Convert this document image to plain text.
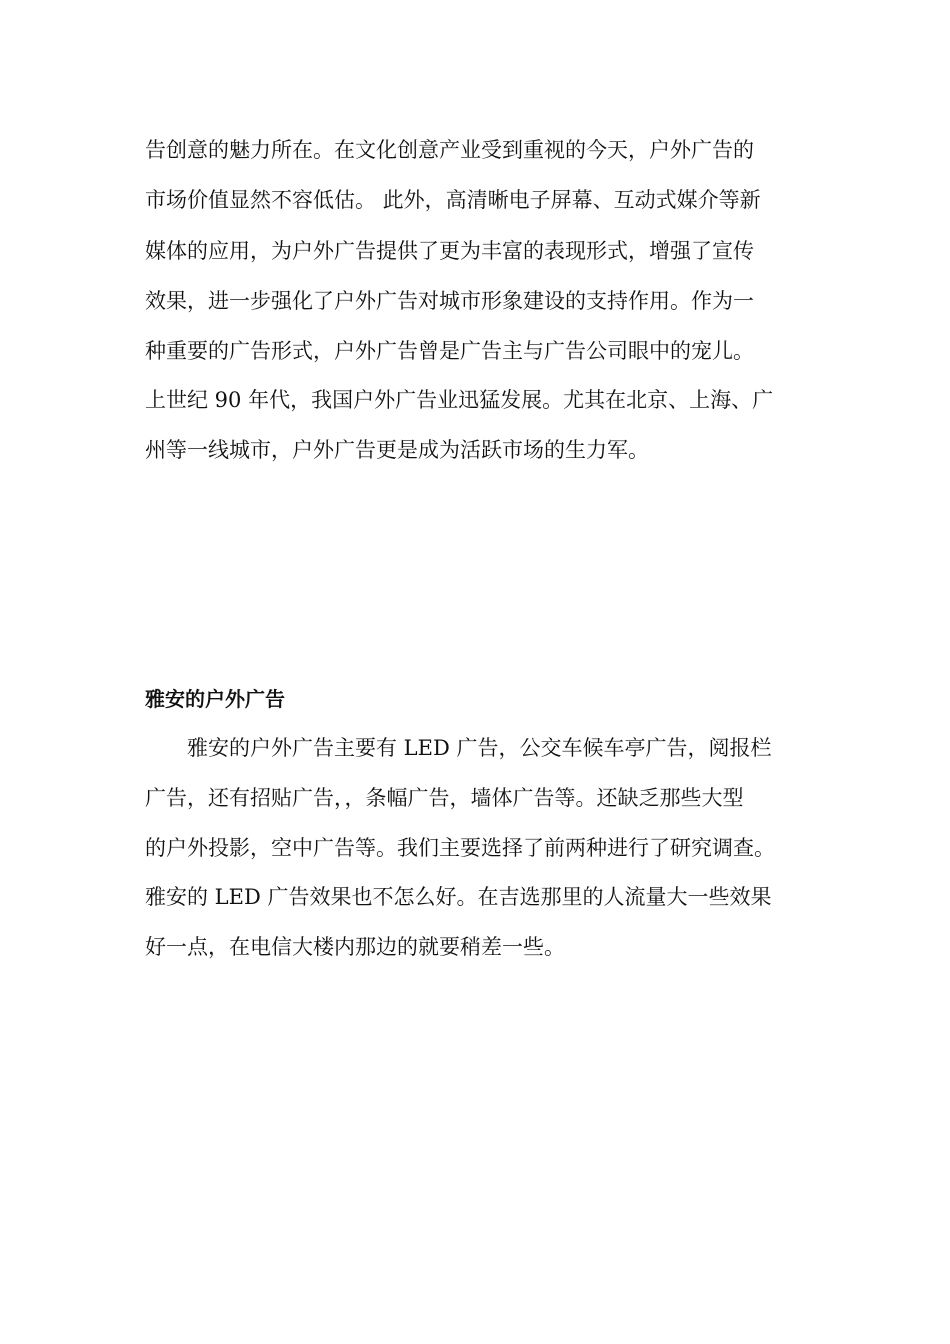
告创意的魅力所在。在文化创意产业受到重视的今天，户外广告的
市场价值显然不容低估。 此外，高清晰电子屏幕、互动式媒介等新
媒体的应用，为户外广告提供了更为丰富的表现形式，增强了宣传
效果，进一步强化了户外广告对城市形象建设的支持作用。作为一
种重要的广告形式，户外广告曾是广告主与广告公司眼中的宠儿。
上世纪 90 年代，我国户外广告业迅猛发展。尤其在北京、上海、广
州等一线城市，户外广告更是成为活跃市场的生力军。
雅安的户外广告
　　雅安的户外广告主要有 LED 广告，公交车候车亭广告，阅报栏
广告，还有招贴广告，，条幅广告，墙体广告等。还缺乏那些大型
的户外投影，空中广告等。我们主要选择了前两种进行了研究调查。
雅安的 LED 广告效果也不怎么好。在吉选那里的人流量大一些效果
好一点，在电信大楼内那边的就要稍差一些。
